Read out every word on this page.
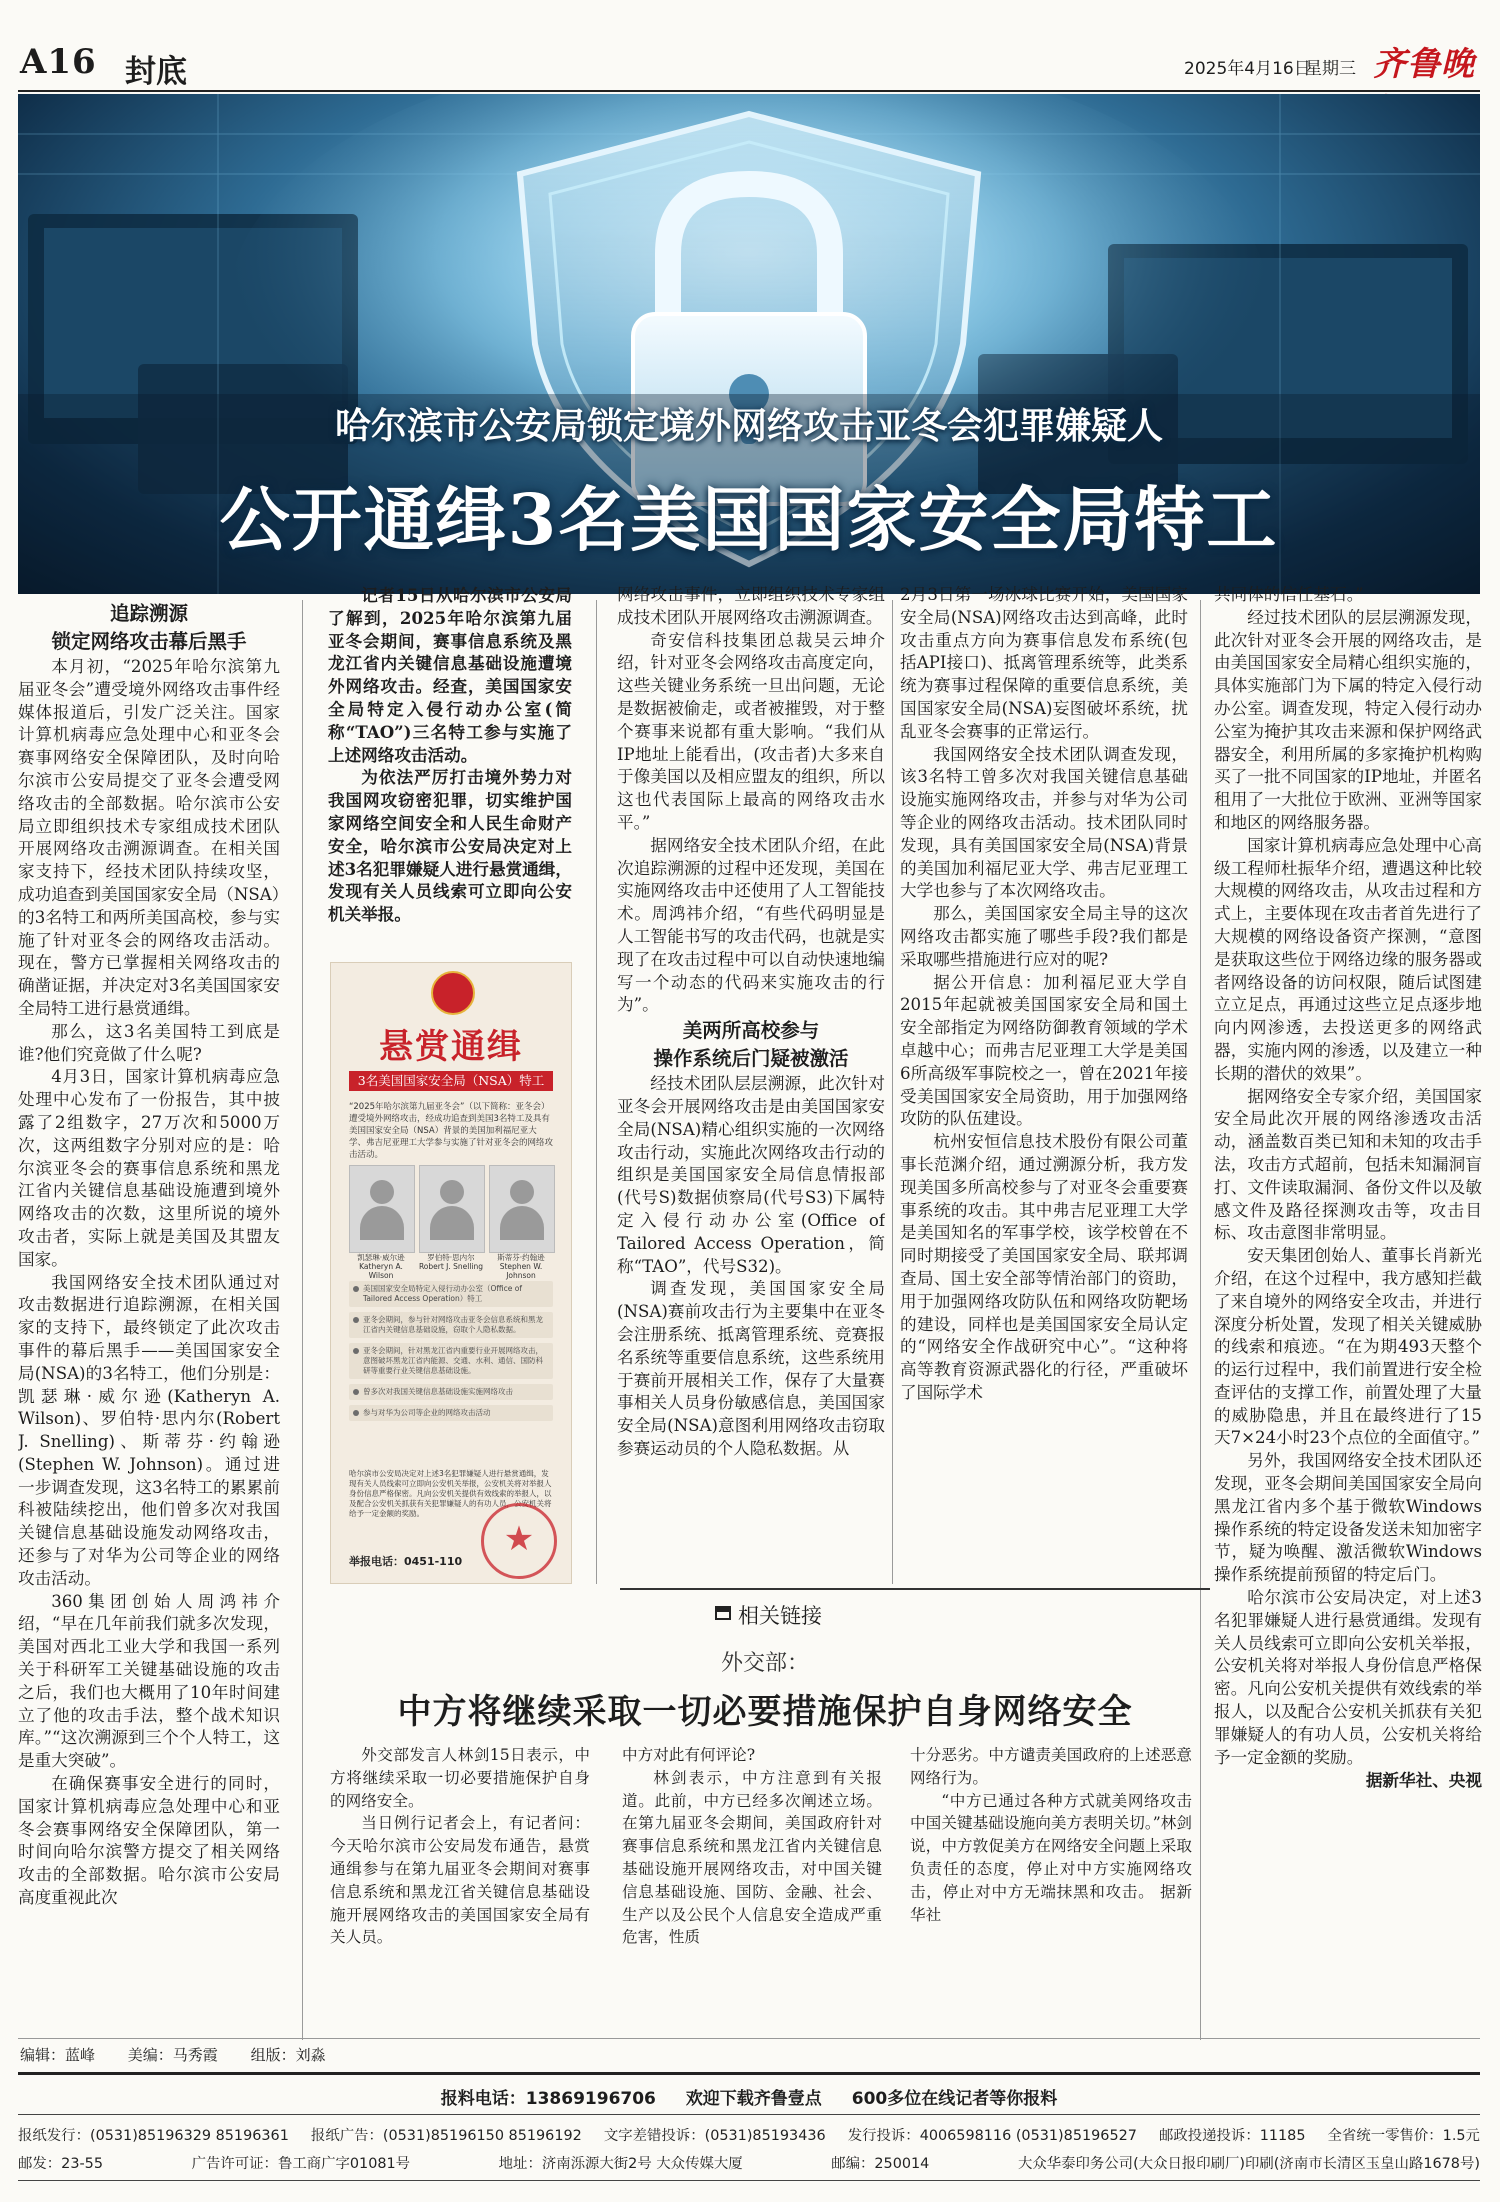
A16 封底	2025年4月16日
星期三 齐鲁晚
哈尔滨市公安局锁定境外网络攻击亚冬会犯罪嫌疑人
公开通缉3名美国国家安全局特工

追踪溯源
锁定网络攻击幕后黑手

本月初，“2025年哈尔滨第九届亚冬会”遭受境外网络攻击事件经媒体报道后，引发广泛关注。国家计算机病毒应急处理中心和亚冬会赛事网络安全保障团队，及时向哈尔滨市公安局提交了亚冬会遭受网络攻击的全部数据。哈尔滨市公安局立即组织技术专家组成技术团队开展网络攻击溯源调查。在相关国家支持下，经技术团队持续攻坚，成功追查到美国国家安全局（NSA）的3名特工和两所美国高校，参与实施了针对亚冬会的网络攻击活动。现在，警方已掌握相关网络攻击的确凿证据，并决定对3名美国国家安全局特工进行悬赏通缉。

那么，这3名美国特工到底是谁?他们究竟做了什么呢?

4月3日，国家计算机病毒应急处理中心发布了一份报告，其中披露了2组数字，27万次和5000万次，这两组数字分别对应的是：哈尔滨亚冬会的赛事信息系统和黑龙江省内关键信息基础设施遭到境外网络攻击的次数，这里所说的境外攻击者，实际上就是美国及其盟友国家。

我国网络安全技术团队通过对攻击数据进行追踪溯源，在相关国家的支持下，最终锁定了此次攻击事件的幕后黑手——美国国家安全局(NSA)的3名特工，他们分别是：凯瑟琳·威尔逊(Katheryn A. Wilson)、罗伯特·思内尔(Robert J. Snelling)、斯蒂芬·约翰逊(Stephen W. Johnson)。通过进一步调查发现，这3名特工的累累前科被陆续挖出，他们曾多次对我国关键信息基础设施发动网络攻击，还参与了对华为公司等企业的网络攻击活动。

360集团创始人周鸿祎介绍，“早在几年前我们就多次发现，美国对西北工业大学和我国一系列关于科研军工关键基础设施的攻击之后，我们也大概用了10年时间建立了他的攻击手法，整个战术知识库。”“这次溯源到三个个人特工，这是重大突破”。

在确保赛事安全进行的同时，国家计算机病毒应急处理中心和亚冬会赛事网络安全保障团队，第一时间向哈尔滨警方提交了相关网络攻击的全部数据。哈尔滨市公安局高度重视此次

记者15日从哈尔滨市公安局了解到，2025年哈尔滨第九届亚冬会期间，赛事信息系统及黑龙江省内关键信息基础设施遭境外网络攻击。经查，美国国家安全局特定入侵行动办公室(简称“TAO”)三名特工参与实施了上述网络攻击活动。

为依法严厉打击境外势力对我国网攻窃密犯罪，切实维护国家网络空间安全和人民生命财产安全，哈尔滨市公安局决定对上述3名犯罪嫌疑人进行悬赏通缉，发现有关人员线索可立即向公安机关举报。

悬赏通缉
3名美国国家安全局（NSA）特工
“2025年哈尔滨第九届亚冬会”（以下简称：亚冬会）遭受境外网络攻击，经成功追查到美国3名特工及具有美国国家安全局（NSA）背景的美国加利福尼亚大学、弗吉尼亚理工大学参与实施了针对亚冬会的网络攻击活动。
凯瑟琳·威尔逊
Katheryn A. Wilson
罗伯特·思内尔
Robert J. Snelling
斯蒂芬·约翰逊
Stephen W. Johnson
美国国家安全局特定入侵行动办公室（Office of Tailored Access Operation）特工
亚冬会期间，参与针对网络攻击亚冬会信息系统和黑龙江省内关键信息基础设施，窃取个人隐私数据。
亚冬会期间，针对黑龙江省内重要行业开展网络攻击，意图破坏黑龙江省内能源、交通、水利、通信、国防科研等重要行业关键信息基础设施。
曾多次对我国关键信息基础设施实施网络攻击
参与对华为公司等企业的网络攻击活动
哈尔滨市公安局决定对上述3名犯罪嫌疑人进行悬赏通缉，发现有关人员线索可立即向公安机关举报，公安机关将对举报人身份信息严格保密。凡向公安机关提供有效线索的举报人，以及配合公安机关抓获有关犯罪嫌疑人的有功人员，公安机关将给予一定金额的奖励。
★
举报电话：0451-110

网络攻击事件，立即组织技术专家组成技术团队开展网络攻击溯源调查。

奇安信科技集团总裁吴云坤介绍，针对亚冬会网络攻击高度定向，这些关键业务系统一旦出问题，无论是数据被偷走，或者被摧毁，对于整个赛事来说都有重大影响。“我们从IP地址上能看出，(攻击者)大多来自于像美国以及相应盟友的组织，所以这也代表国际上最高的网络攻击水平。”

据网络安全技术团队介绍，在此次追踪溯源的过程中还发现，美国在实施网络攻击中还使用了人工智能技术。周鸿祎介绍，“有些代码明显是人工智能书写的攻击代码，也就是实现了在攻击过程中可以自动快速地编写一个动态的代码来实施攻击的行为”。

美两所高校参与
操作系统后门疑被激活

经技术团队层层溯源，此次针对亚冬会开展网络攻击是由美国国家安全局(NSA)精心组织实施的一次网络攻击行动，实施此次网络攻击行动的组织是美国国家安全局信息情报部(代号S)数据侦察局(代号S3)下属特定入侵行动办公室(Office of Tailored Access Operation，简称“TAO”，代号S32)。

调查发现，美国国家安全局(NSA)赛前攻击行为主要集中在亚冬会注册系统、抵离管理系统、竞赛报名系统等重要信息系统，这些系统用于赛前开展相关工作，保存了大量赛事相关人员身份敏感信息，美国国家安全局(NSA)意图利用网络攻击窃取参赛运动员的个人隐私数据。从

2月3日第一场冰球比赛开始，美国国家安全局(NSA)网络攻击达到高峰，此时攻击重点方向为赛事信息发布系统(包括API接口)、抵离管理系统等，此类系统为赛事过程保障的重要信息系统，美国国家安全局(NSA)妄图破坏系统，扰乱亚冬会赛事的正常运行。

我国网络安全技术团队调查发现，该3名特工曾多次对我国关键信息基础设施实施网络攻击，并参与对华为公司等企业的网络攻击活动。技术团队同时发现，具有美国国家安全局(NSA)背景的美国加利福尼亚大学、弗吉尼亚理工大学也参与了本次网络攻击。

那么，美国国家安全局主导的这次网络攻击都实施了哪些手段?我们都是采取哪些措施进行应对的呢?

据公开信息：加利福尼亚大学自2015年起就被美国国家安全局和国土安全部指定为网络防御教育领域的学术卓越中心；而弗吉尼亚理工大学是美国6所高级军事院校之一，曾在2021年接受美国国家安全局资助，用于加强网络攻防的队伍建设。

杭州安恒信息技术股份有限公司董事长范渊介绍，通过溯源分析，我方发现美国多所高校参与了对亚冬会重要赛事系统的攻击。其中弗吉尼亚理工大学是美国知名的军事学校，该学校曾在不同时期接受了美国国家安全局、联邦调查局、国土安全部等情治部门的资助，用于加强网络攻防队伍和网络攻防靶场的建设，同样也是美国国家安全局认定的“网络安全作战研究中心”。“这种将高等教育资源武器化的行径，严重破坏了国际学术

共同体的信任基石。”

经过技术团队的层层溯源发现，此次针对亚冬会开展的网络攻击，是由美国国家安全局精心组织实施的，具体实施部门为下属的特定入侵行动办公室。调查发现，特定入侵行动办公室为掩护其攻击来源和保护网络武器安全，利用所属的多家掩护机构购买了一批不同国家的IP地址，并匿名租用了一大批位于欧洲、亚洲等国家和地区的网络服务器。

国家计算机病毒应急处理中心高级工程师杜振华介绍，遭遇这种比较大规模的网络攻击，从攻击过程和方式上，主要体现在攻击者首先进行了大规模的网络设备资产探测，“意图是获取这些位于网络边缘的服务器或者网络设备的访问权限，随后试图建立立足点，再通过这些立足点逐步地向内网渗透，去投送更多的网络武器，实施内网的渗透，以及建立一种长期的潜伏的效果”。

据网络安全专家介绍，美国国家安全局此次开展的网络渗透攻击活动，涵盖数百类已知和未知的攻击手法，攻击方式超前，包括未知漏洞盲打、文件读取漏洞、备份文件以及敏感文件及路径探测攻击等，攻击目标、攻击意图非常明显。

安天集团创始人、董事长肖新光介绍，在这个过程中，我方感知拦截了来自境外的网络安全攻击，并进行深度分析处置，发现了相关关键威胁的线索和痕迹。“在为期493天整个的运行过程中，我们前置进行安全检查评估的支撑工作，前置处理了大量的威胁隐患，并且在最终进行了15天7×24小时23个点位的全面值守。”

另外，我国网络安全技术团队还发现，亚冬会期间美国国家安全局向黑龙江省内多个基于微软Windows操作系统的特定设备发送未知加密字节，疑为唤醒、激活微软Windows操作系统提前预留的特定后门。

哈尔滨市公安局决定，对上述3名犯罪嫌疑人进行悬赏通缉。发现有关人员线索可立即向公安机关举报，公安机关将对举报人身份信息严格保密。凡向公安机关提供有效线索的举报人，以及配合公安机关抓获有关犯罪嫌疑人的有功人员，公安机关将给予一定金额的奖励。

据新华社、央视

相关链接
外交部：
中方将继续采取一切必要措施保护自身网络安全

外交部发言人林剑15日表示，中方将继续采取一切必要措施保护自身的网络安全。

当日例行记者会上，有记者问：今天哈尔滨市公安局发布通告，悬赏通缉参与在第九届亚冬会期间对赛事信息系统和黑龙江省关键信息基础设施开展网络攻击的美国国家安全局有关人员。

中方对此有何评论?

林剑表示，中方注意到有关报道。此前，中方已经多次阐述立场。在第九届亚冬会期间，美国政府针对赛事信息系统和黑龙江省内关键信息基础设施开展网络攻击，对中国关键信息基础设施、国防、金融、社会、生产以及公民个人信息安全造成严重危害，性质

十分恶劣。中方谴责美国政府的上述恶意网络行为。

“中方已通过各种方式就美网络攻击中国关键基础设施向美方表明关切。”林剑说，中方敦促美方在网络安全问题上采取负责任的态度，停止对中方实施网络攻击，停止对中方无端抹黑和攻击。 据新华社

编辑：蓝峰 美编：马秀霞 组版：刘淼
报料电话：13869196706 欢迎下载齐鲁壹点 600多位在线记者等你报料
报纸发行：(0531)85196329 85196361 报纸广告：(0531)85196150 85196192 文字差错投诉：(0531)85193436 发行投诉：4006598116 (0531)85196527 邮政投递投诉：11185 全省统一零售价：1.5元
邮发：23-55	广告许可证：鲁工商广字01081号	地址：济南泺源大街2号 大众传媒大厦	邮编：250014	大众华泰印务公司(大众日报印刷厂)印刷(济南市长清区玉皇山路1678号)
